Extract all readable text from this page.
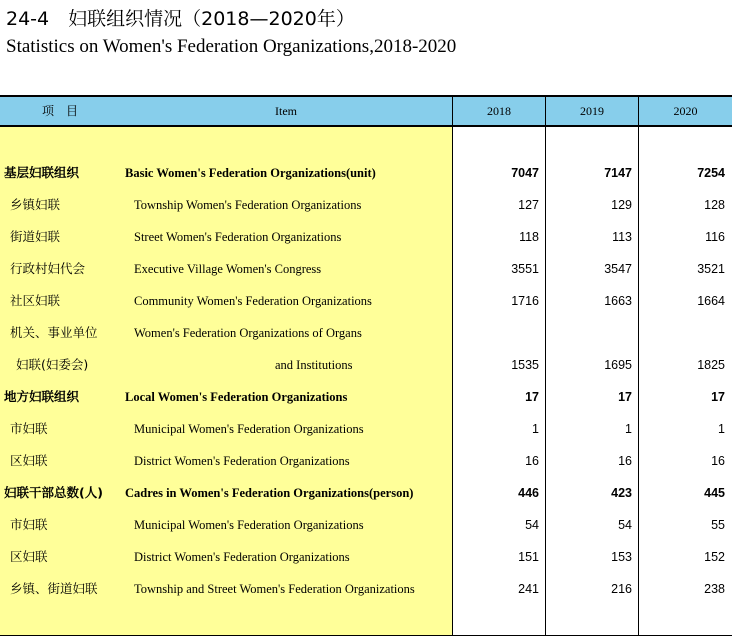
24-4　妇联组织情况（2018—2020年）
Statistics on Women's Federation Organizations,2018-2020
项　目	Item	2018	2019	2020
基层妇联组织	Basic Women's Federation Organizations(unit)	7047	7147	7254
乡镇妇联	Township Women's Federation Organizations	127	129	128
街道妇联	Street Women's Federation Organizations	118	113	116
行政村妇代会	Executive Village Women's Congress	3551	3547	3521
社区妇联	Community Women's Federation Organizations	1716	1663	1664
机关、事业单位	Women's Federation Organizations of Organs
妇联(妇委会)	and Institutions	1535	1695	1825
地方妇联组织	Local Women's Federation Organizations	17	17	17
市妇联	Municipal Women's Federation Organizations	1	1	1
区妇联	District Women's Federation Organizations	16	16	16
妇联干部总数(人) Cadres in Women's Federation Organizations(person)	446	423	445
市妇联	Municipal Women's Federation Organizations	54	54	55
区妇联	District Women's Federation Organizations	151	153	152
乡镇、街道妇联	Township and Street Women's Federation Organizations	241	216	238
